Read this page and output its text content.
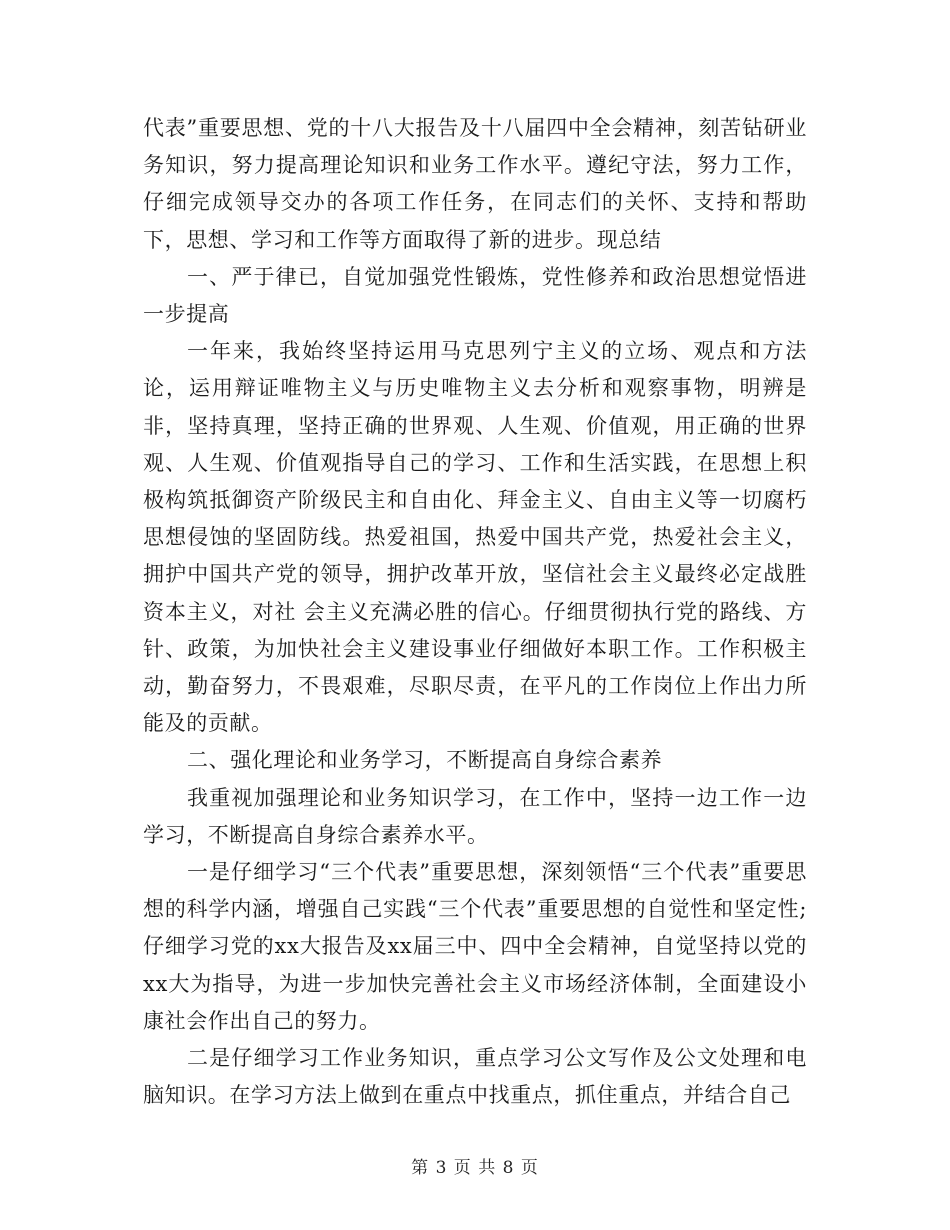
代表”重要思想、党的十八大报告及十八届四中全会精神，刻苦钻研业务知识，努力提高理论知识和业务工作水平。遵纪守法，努力工作，仔细完成领导交办的各项工作任务，在同志们的关怀、支持和帮助下，思想、学习和工作等方面取得了新的进步。现总结

一、严于律已，自觉加强党性锻炼，党性修养和政治思想觉悟进一步提高

一年来，我始终坚持运用马克思列宁主义的立场、观点和方法论，运用辩证唯物主义与历史唯物主义去分析和观察事物，明辨是非，坚持真理，坚持正确的世界观、人生观、价值观，用正确的世界观、人生观、价值观指导自己的学习、工作和生活实践，在思想上积极构筑抵御资产阶级民主和自由化、拜金主义、自由主义等一切腐朽思想侵蚀的坚固防线。热爱祖国，热爱中国共产党，热爱社会主义，拥护中国共产党的领导，拥护改革开放，坚信社会主义最终必定战胜资本主义，对社 会主义充满必胜的信心。仔细贯彻执行党的路线、方针、政策，为加快社会主义建设事业仔细做好本职工作。工作积极主动，勤奋努力，不畏艰难，尽职尽责，在平凡的工作岗位上作出力所能及的贡献。

二、强化理论和业务学习，不断提高自身综合素养

我重视加强理论和业务知识学习，在工作中，坚持一边工作一边学习，不断提高自身综合素养水平。

一是仔细学习“三个代表”重要思想，深刻领悟“三个代表”重要思想的科学内涵，增强自己实践“三个代表”重要思想的自觉性和坚定性;仔细学习党的xx大报告及xx届三中、四中全会精神，自觉坚持以党的xx大为指导，为进一步加快完善社会主义市场经济体制，全面建设小康社会作出自己的努力。

二是仔细学习工作业务知识，重点学习公文写作及公文处理和电脑知识。在学习方法上做到在重点中找重点，抓住重点，并结合自己

第 3 页 共 8 页
